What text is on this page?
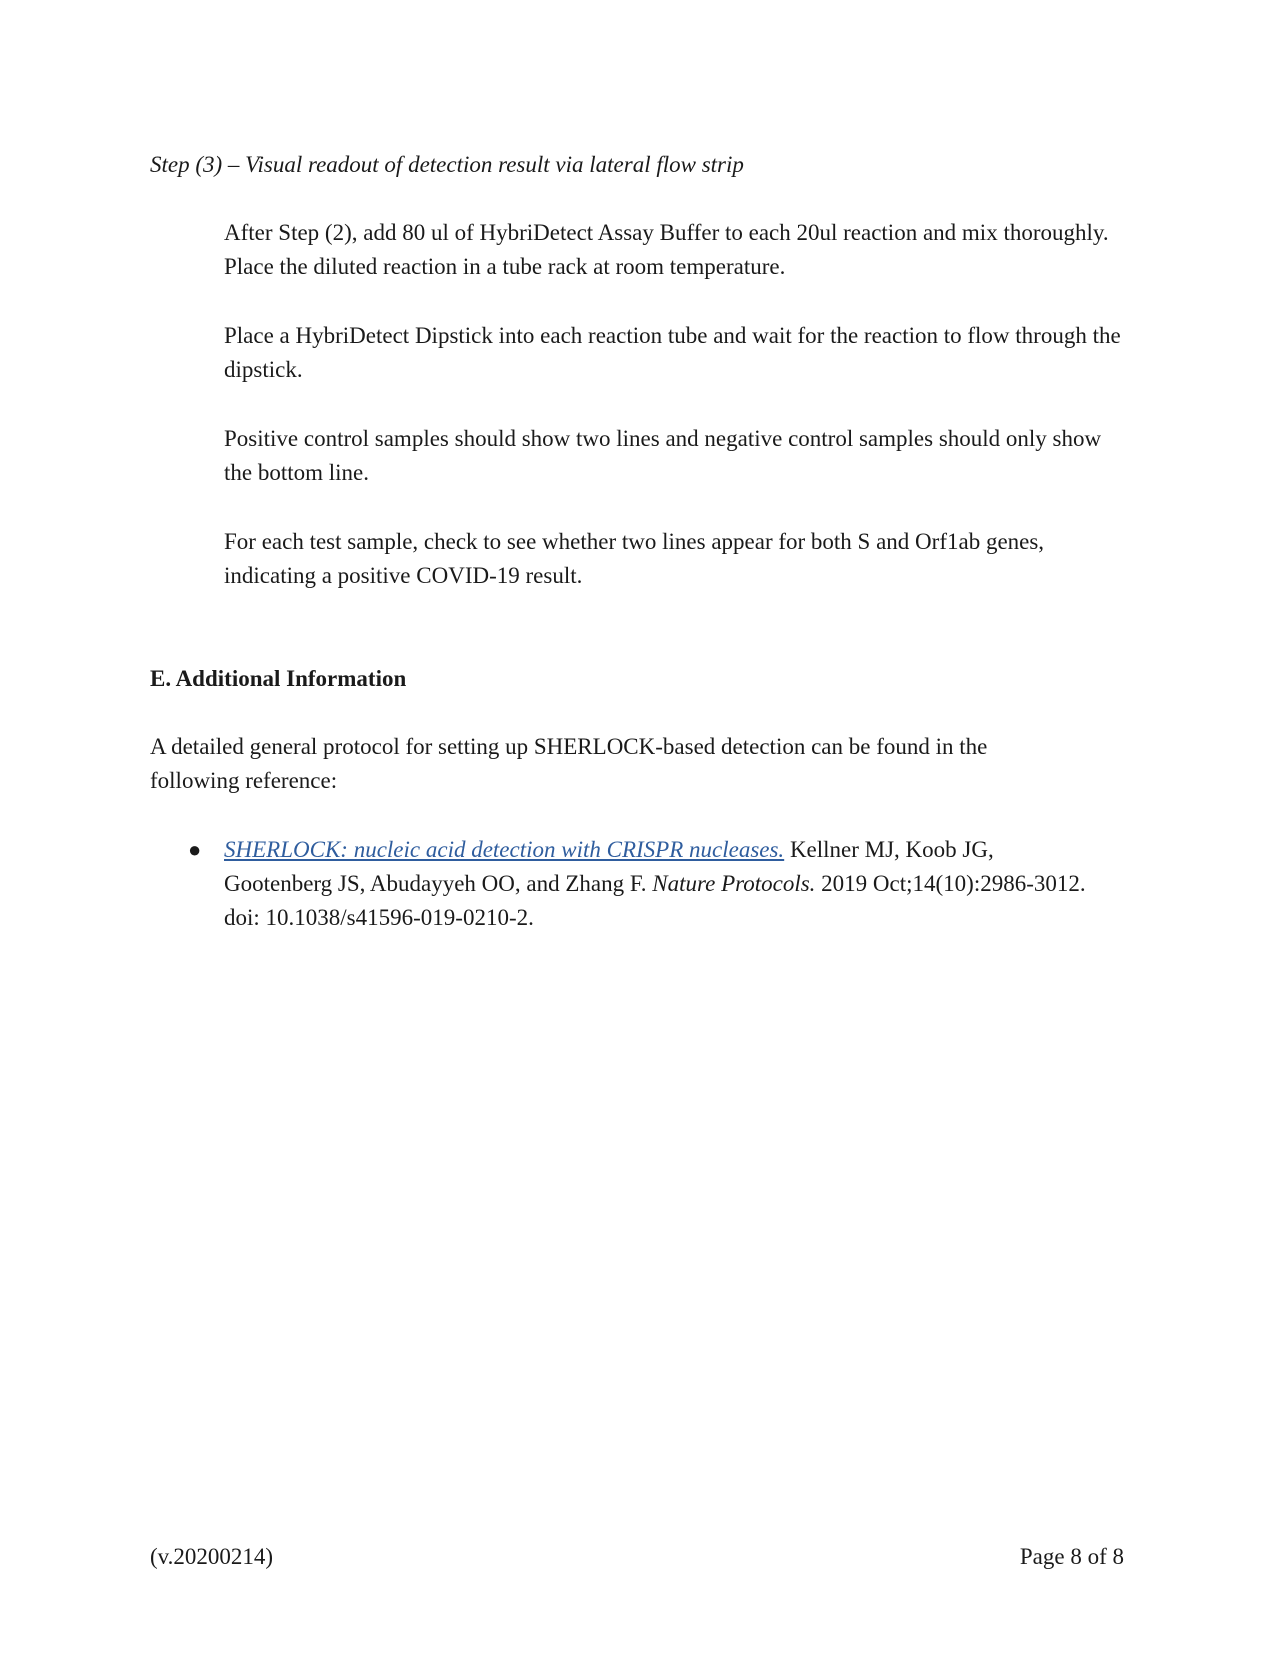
Step (3) – Visual readout of detection result via lateral flow strip

After Step (2), add 80 ul of HybriDetect Assay Buffer to each 20ul reaction and mix thoroughly. Place the diluted reaction in a tube rack at room temperature.

Place a HybriDetect Dipstick into each reaction tube and wait for the reaction to flow through the dipstick.

Positive control samples should show two lines and negative control samples should only show the bottom line.

For each test sample, check to see whether two lines appear for both S and Orf1ab genes, indicating a positive COVID-19 result.

E. Additional Information

A detailed general protocol for setting up SHERLOCK-based detection can be found in the following reference:

● SHERLOCK: nucleic acid detection with CRISPR nucleases. Kellner MJ, Koob JG, Gootenberg JS, Abudayyeh OO, and Zhang F. Nature Protocols. 2019 Oct;14(10):2986-3012. doi: 10.1038/s41596-019-0210-2.
(v.20200214)	Page 8 of 8
